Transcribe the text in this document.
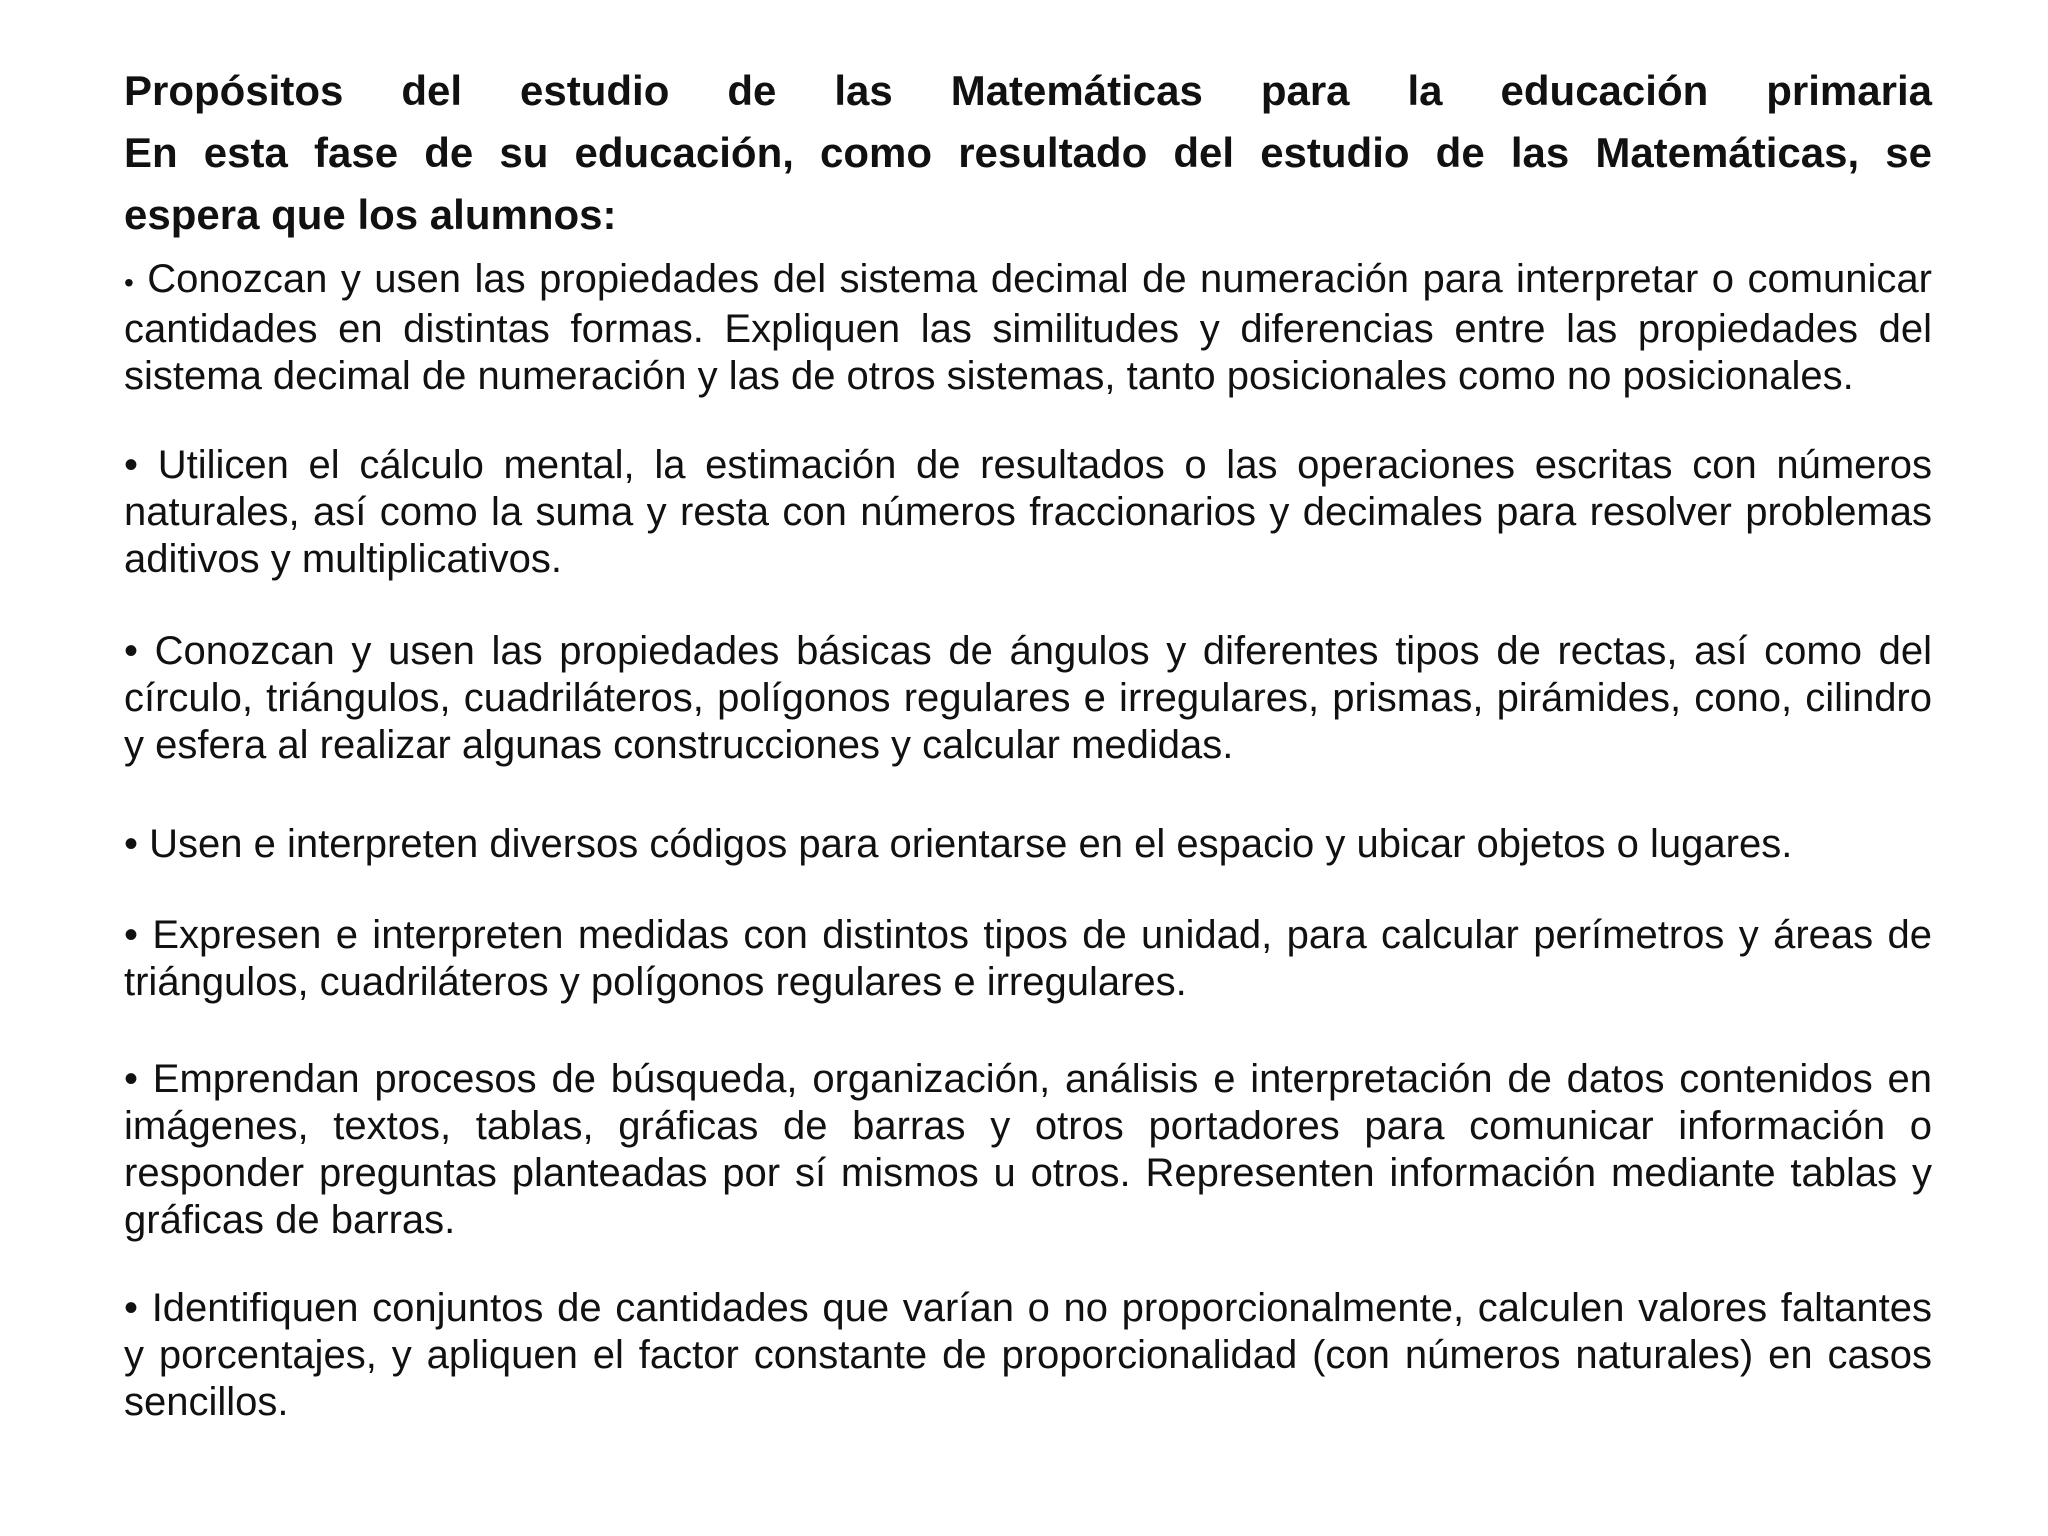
Propósitos del estudio de las Matemáticas para la educación primaria
En esta fase de su educación, como resultado del estudio de las Matemáticas, se
espera que los alumnos:

• Conozcan y usen las propiedades del sistema decimal de numeración para interpretar o comunicar cantidades en distintas formas. Expliquen las similitudes y diferencias entre las propiedades del sistema decimal de numeración y las de otros sistemas, tanto posicionales como no posicionales.

• Utilicen el cálculo mental, la estimación de resultados o las operaciones escritas con números naturales, así como la suma y resta con números fraccionarios y decimales para resolver problemas aditivos y multiplicativos.

• Conozcan y usen las propiedades básicas de ángulos y diferentes tipos de rectas, así como del círculo, triángulos, cuadriláteros, polígonos regulares e irregulares, prismas, pirámides, cono, cilindro y esfera al realizar algunas construcciones y calcular medidas.

• Usen e interpreten diversos códigos para orientarse en el espacio y ubicar objetos o lugares.

• Expresen e interpreten medidas con distintos tipos de unidad, para calcular perímetros y áreas de triángulos, cuadriláteros y polígonos regulares e irregulares.

• Emprendan procesos de búsqueda, organización, análisis e interpretación de datos contenidos en imágenes, textos, tablas, gráficas de barras y otros portadores para comunicar información o responder preguntas planteadas por sí mismos u otros. Representen información mediante tablas y gráficas de barras.

• Identifiquen conjuntos de cantidades que varían o no proporcionalmente, calculen valores faltantes y porcentajes, y apliquen el factor constante de proporcionalidad (con números naturales) en casos sencillos.
